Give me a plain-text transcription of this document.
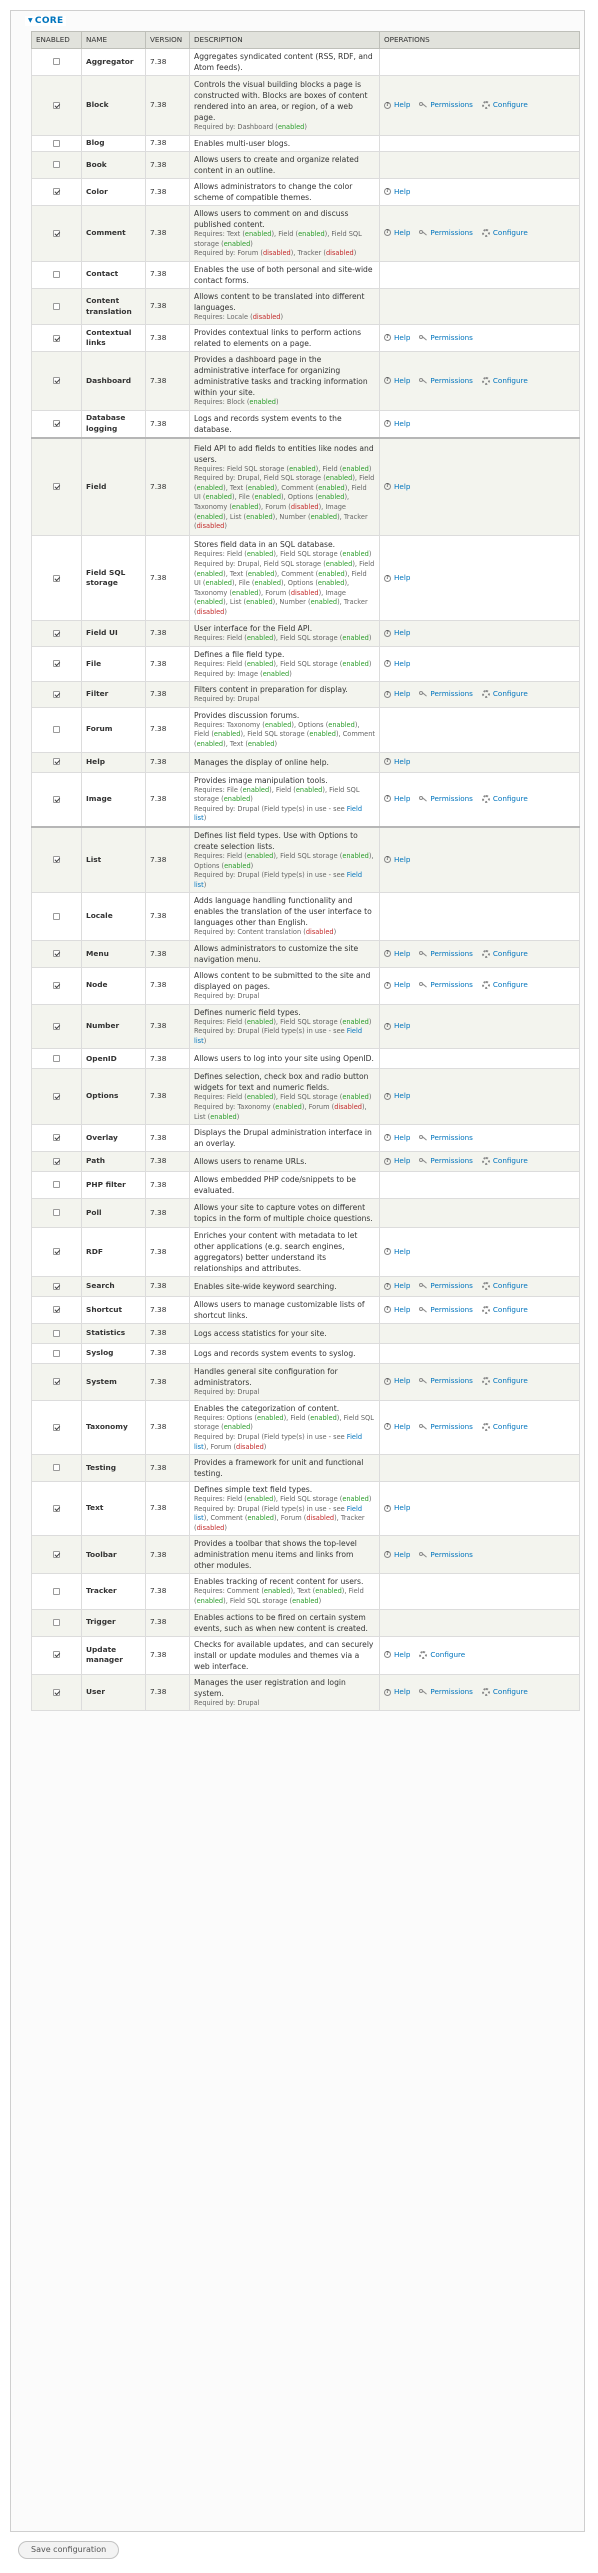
▼ CORE
ENABLED	NAME	VERSION	DESCRIPTION	OPERATIONS
	Aggregator	7.38	Aggregates syndicated content (RSS, RDF, and Atom feeds).	

	Block	7.38	Controls the visual building blocks a page is constructed with. Blocks are boxes of content rendered into an area, or region, of a web page.
Required by: Dashboard (enabled)	? Help Permissions Configure
	Blog	7.38	Enables multi-user blogs.	

	Book	7.38	Allows users to create and organize related content in an outline.	

	Color	7.38	Allows administrators to change the color scheme of compatible themes.	? Help
	Comment	7.38	Allows users to comment on and discuss published content.
Requires: Text (enabled), Field (enabled), Field SQL storage (enabled)
Required by: Forum (disabled), Tracker (disabled)	? Help Permissions Configure
	Contact	7.38	Enables the use of both personal and site-wide contact forms.	

	Content translation	7.38	Allows content to be translated into different languages.
Requires: Locale (disabled)	

	Contextual links	7.38	Provides contextual links to perform actions related to elements on a page.	? Help Permissions
	Dashboard	7.38	Provides a dashboard page in the administrative interface for organizing administrative tasks and tracking information within your site.
Requires: Block (enabled)	? Help Permissions Configure
	Database logging	7.38	Logs and records system events to the database.	? Help
	Field	7.38	Field API to add fields to entities like nodes and users.
Requires: Field SQL storage (enabled), Field (enabled)
Required by: Drupal, Field SQL storage (enabled), Field (enabled), Text (enabled), Comment (enabled), Field UI (enabled), File (enabled), Options (enabled), Taxonomy (enabled), Forum (disabled), Image (enabled), List (enabled), Number (enabled), Tracker (disabled)	? Help
	Field SQL storage	7.38	Stores field data in an SQL database.
Requires: Field (enabled), Field SQL storage (enabled)
Required by: Drupal, Field SQL storage (enabled), Field (enabled), Text (enabled), Comment (enabled), Field UI (enabled), File (enabled), Options (enabled), Taxonomy (enabled), Forum (disabled), Image (enabled), List (enabled), Number (enabled), Tracker (disabled)	? Help
	Field UI	7.38	User interface for the Field API.
Requires: Field (enabled), Field SQL storage (enabled)	? Help
	File	7.38	Defines a file field type.
Requires: Field (enabled), Field SQL storage (enabled)
Required by: Image (enabled)	? Help
	Filter	7.38	Filters content in preparation for display.
Required by: Drupal	? Help Permissions Configure
	Forum	7.38	Provides discussion forums.
Requires: Taxonomy (enabled), Options (enabled), Field (enabled), Field SQL storage (enabled), Comment (enabled), Text (enabled)	

	Help	7.38	Manages the display of online help.	? Help
	Image	7.38	Provides image manipulation tools.
Requires: File (enabled), Field (enabled), Field SQL storage (enabled)
Required by: Drupal (Field type(s) in use - see Field list)	? Help Permissions Configure
	List	7.38	Defines list field types. Use with Options to create selection lists.
Requires: Field (enabled), Field SQL storage (enabled), Options (enabled)
Required by: Drupal (Field type(s) in use - see Field list)	? Help
	Locale	7.38	Adds language handling functionality and enables the translation of the user interface to languages other than English.
Required by: Content translation (disabled)	

	Menu	7.38	Allows administrators to customize the site navigation menu.	? Help Permissions Configure
	Node	7.38	Allows content to be submitted to the site and displayed on pages.
Required by: Drupal	? Help Permissions Configure
	Number	7.38	Defines numeric field types.
Requires: Field (enabled), Field SQL storage (enabled)
Required by: Drupal (Field type(s) in use - see Field list)	? Help
	OpenID	7.38	Allows users to log into your site using OpenID.	

	Options	7.38	Defines selection, check box and radio button widgets for text and numeric fields.
Requires: Field (enabled), Field SQL storage (enabled)
Required by: Taxonomy (enabled), Forum (disabled), List (enabled)	? Help
	Overlay	7.38	Displays the Drupal administration interface in an overlay.	? Help Permissions
	Path	7.38	Allows users to rename URLs.	? Help Permissions Configure
	PHP filter	7.38	Allows embedded PHP code/snippets to be evaluated.	

	Poll	7.38	Allows your site to capture votes on different topics in the form of multiple choice questions.	

	RDF	7.38	Enriches your content with metadata to let other applications (e.g. search engines, aggregators) better understand its relationships and attributes.	? Help
	Search	7.38	Enables site-wide keyword searching.	? Help Permissions Configure
	Shortcut	7.38	Allows users to manage customizable lists of shortcut links.	? Help Permissions Configure
	Statistics	7.38	Logs access statistics for your site.	

	Syslog	7.38	Logs and records system events to syslog.	

	System	7.38	Handles general site configuration for administrators.
Required by: Drupal	? Help Permissions Configure
	Taxonomy	7.38	Enables the categorization of content.
Requires: Options (enabled), Field (enabled), Field SQL storage (enabled)
Required by: Drupal (Field type(s) in use - see Field list), Forum (disabled)	? Help Permissions Configure
	Testing	7.38	Provides a framework for unit and functional testing.	

	Text	7.38	Defines simple text field types.
Requires: Field (enabled), Field SQL storage (enabled)
Required by: Drupal (Field type(s) in use - see Field list), Comment (enabled), Forum (disabled), Tracker (disabled)	? Help
	Toolbar	7.38	Provides a toolbar that shows the top-level administration menu items and links from other modules.	? Help Permissions
	Tracker	7.38	Enables tracking of recent content for users.
Requires: Comment (enabled), Text (enabled), Field (enabled), Field SQL storage (enabled)	

	Trigger	7.38	Enables actions to be fired on certain system events, such as when new content is created.	

	Update manager	7.38	Checks for available updates, and can securely install or update modules and themes via a web interface.	? Help Configure
	User	7.38	Manages the user registration and login system.
Required by: Drupal	? Help Permissions Configure
Save configuration
